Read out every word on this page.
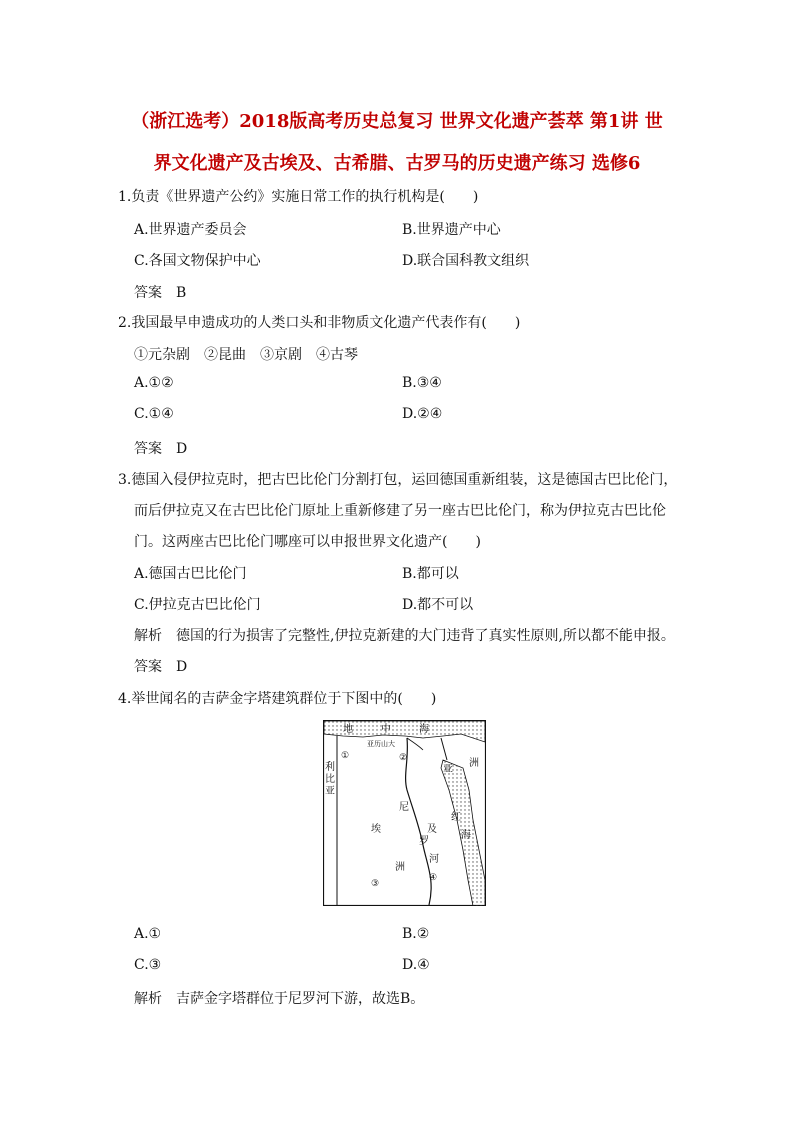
（浙江选考）2018版高考历史总复习 世界文化遗产荟萃 第1讲 世
界文化遗产及古埃及、古希腊、古罗马的历史遗产练习 选修6
1.负责《世界遗产公约》实施日常工作的执行机构是(　　)
A.世界遗产委员会	B.世界遗产中心
C.各国文物保护中心	D.联合国科教文组织
答案 B
2.我国最早申遗成功的人类口头和非物质文化遗产代表作有(　　)
①元杂剧　②昆曲　③京剧　④古琴
A.①②	B.③④
C.①④	D.②④
答案 D
3.德国入侵伊拉克时，把古巴比伦门分割打包，运回德国重新组装，这是德国古巴比伦门，
而后伊拉克又在古巴比伦门原址上重新修建了另一座古巴比伦门，称为伊拉克古巴比伦
门。这两座古巴比伦门哪座可以申报世界文化遗产(　　)
A.德国古巴比伦门	B.都可以
C.伊拉克古巴比伦门	D.都不可以
解析 德国的行为损害了完整性,伊拉克新建的大门违背了真实性原则,所以都不能申报。
答案 D
4.举世闻名的吉萨金字塔建筑群位于下图中的(　　)
地	中	海
亚历山大
利
比
亚
亚
洲
红
海
埃	及
洲
尼
罗
河
①	②
③
④
A.①	B.②
C.③	D.④
解析 吉萨金字塔群位于尼罗河下游，故选B。
